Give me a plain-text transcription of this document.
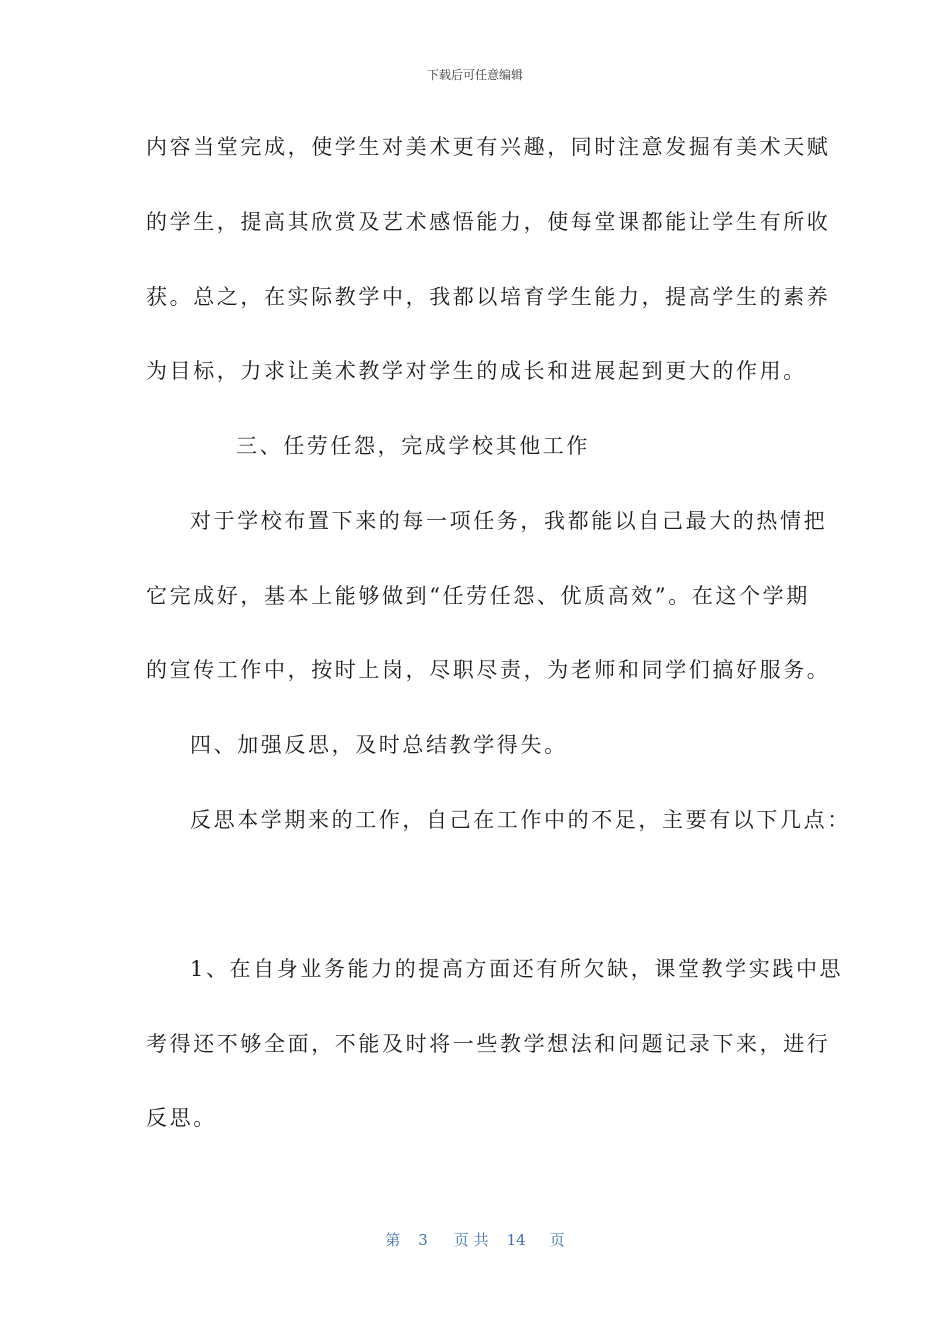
下载后可任意编辑
内容当堂完成，使学生对美术更有兴趣，同时注意发掘有美术天赋
的学生，提高其欣赏及艺术感悟能力，使每堂课都能让学生有所收
获。总之，在实际教学中，我都以培育学生能力，提高学生的素养
为目标，力求让美术教学对学生的成长和进展起到更大的作用。
三、任劳任怨，完成学校其他工作
对于学校布置下来的每一项任务，我都能以自己最大的热情把
它完成好，基本上能够做到“任劳任怨、优质高效”。在这个学期
的宣传工作中，按时上岗，尽职尽责，为老师和同学们搞好服务。
四、加强反思，及时总结教学得失。
反思本学期来的工作，自己在工作中的不足，主要有以下几点：
1、在自身业务能力的提高方面还有所欠缺，课堂教学实践中思
考得还不够全面，不能及时将一些教学想法和问题记录下来，进行
反思。
第 3 页 共 14 页
